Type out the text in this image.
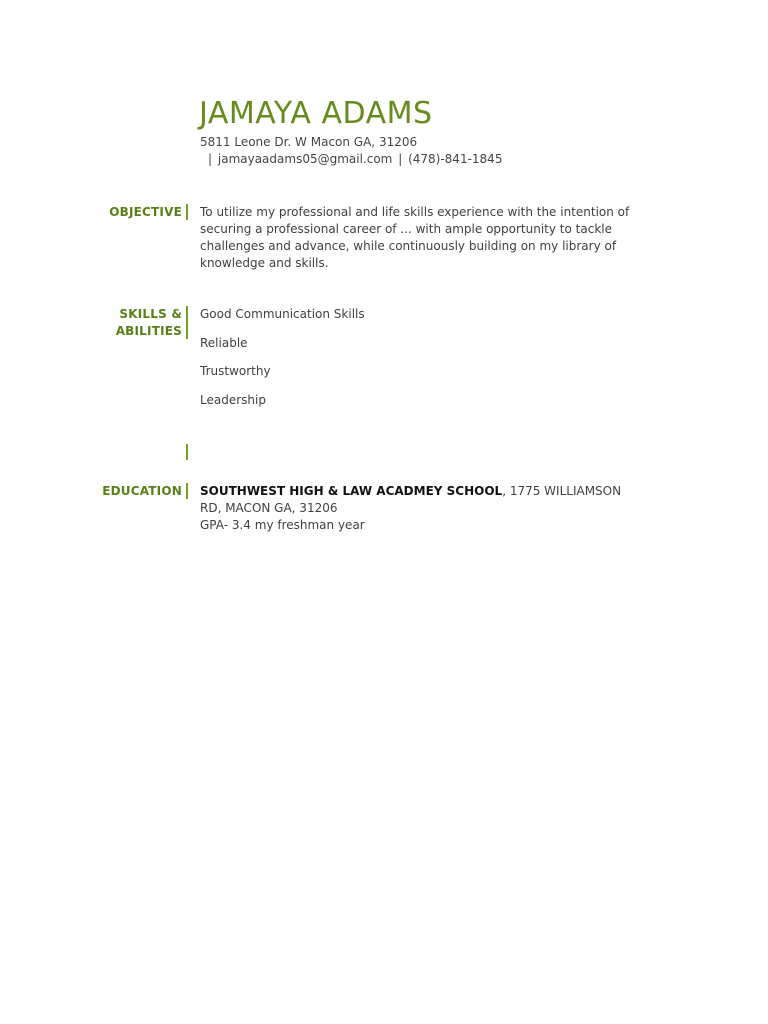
JAMAYA ADAMS
5811 Leone Dr. W Macon GA, 31206
| jamayaadams05@gmail.com | (478)-841-1845
OBJECTIVE To utilize my professional and life skills experience with the intention of securing a professional career of ... with ample opportunity to tackle challenges and advance, while continuously building on my library of knowledge and skills.
SKILLS &
ABILITIES
Good Communication Skills
Reliable
Trustworthy
Leadership
EDUCATION SOUTHWEST HIGH & LAW ACADMEY SCHOOL, 1775 WILLIAMSON RD, MACON GA, 31206
GPA- 3.4 my freshman year
